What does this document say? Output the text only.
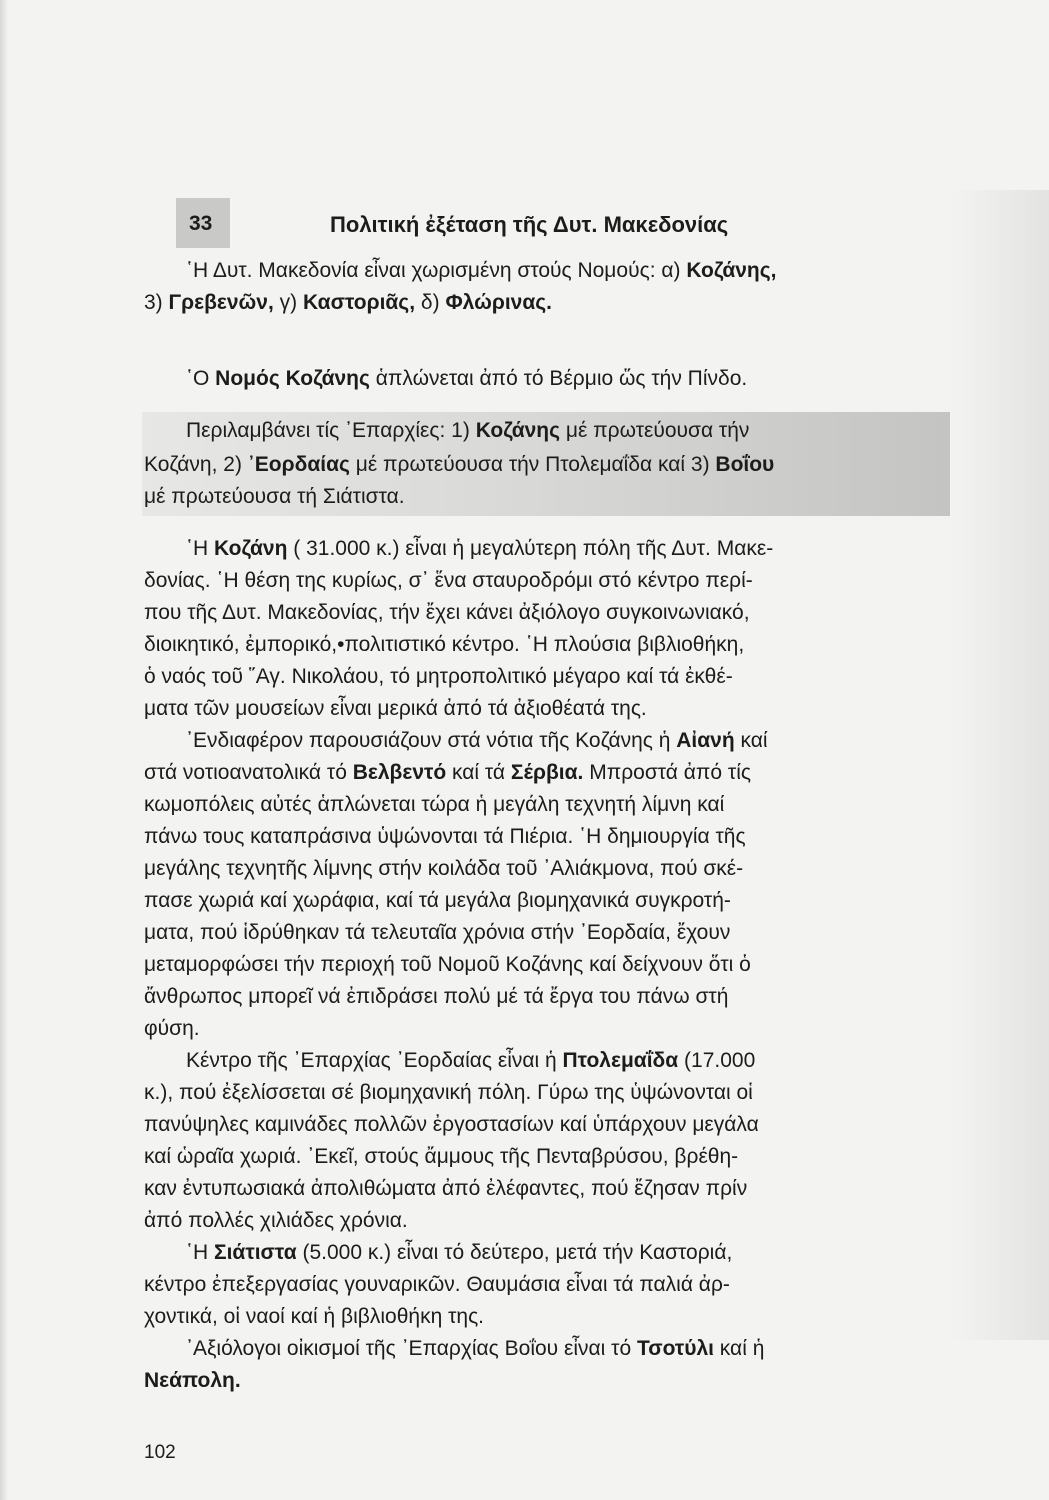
33	Πολιτική ἐξέταση τῆς Δυτ. Μακεδονίας
῾Η Δυτ. Μακεδονία εἶναι χωρισμένη στούς Νομούς: α) Κοζάνης,
3) Γρεβενῶν, γ) Καστοριᾶς, δ) Φλώρινας.
῾Ο Νομός Κοζάνης ἁπλώνεται ἀπό τό Βέρμιο ὥς τήν Πίνδο.
Περιλαμβάνει τίς ᾽Επαρχίες: 1) Κοζάνης μέ πρωτεύουσα τήν
Κοζάνη, 2) ᾽Εορδαίας μέ πρωτεύουσα τήν Πτολεμαΐδα καί 3) Βοΐου
μέ πρωτεύουσα τή Σιάτιστα.
῾Η Κοζάνη ( 31.000 κ.) εἶναι ἡ μεγαλύτερη πόλη τῆς Δυτ. Μακε-
δονίας. ῾Η θέση της κυρίως, σ᾽ ἕνα σταυροδρόμι στό κέντρο περί-
που τῆς Δυτ. Μακεδονίας, τήν ἔχει κάνει ἀξιόλογο συγκοινωνιακό,
διοικητικό, ἐμπορικό,•πολιτιστικό κέντρο. ῾Η πλούσια βιβλιοθήκη,
ὁ ναός τοῦ ῞Αγ. Νικολάου, τό μητροπολιτικό μέγαρο καί τά ἐκθέ-
ματα τῶν μουσείων εἶναι μερικά ἀπό τά ἀξιοθέατά της.
᾽Ενδιαφέρον παρουσιάζουν στά νότια τῆς Κοζάνης ἡ Αἰανή καί
στά νοτιοανατολικά τό Βελβεντό καί τά Σέρβια. Μπροστά ἀπό τίς
κωμοπόλεις αὐτές ἁπλώνεται τώρα ἡ μεγάλη τεχνητή λίμνη καί
πάνω τους καταπράσινα ὑψώνονται τά Πιέρια. ῾Η δημιουργία τῆς
μεγάλης τεχνητῆς λίμνης στήν κοιλάδα τοῦ ᾽Αλιάκμονα, πού σκέ-
πασε χωριά καί χωράφια, καί τά μεγάλα βιομηχανικά συγκροτή-
ματα, πού ἱδρύθηκαν τά τελευταῖα χρόνια στήν ᾽Εορδαία, ἔχουν
μεταμορφώσει τήν περιοχή τοῦ Νομοῦ Κοζάνης καί δείχνουν ὅτι ὁ
ἄνθρωπος μπορεῖ νά ἐπιδράσει πολύ μέ τά ἔργα του πάνω στή
φύση.
Κέντρο τῆς ᾽Επαρχίας ᾽Εορδαίας εἶναι ἡ Πτολεμαΐδα (17.000
κ.), πού ἐξελίσσεται σέ βιομηχανική πόλη. Γύρω της ὑψώνονται οἱ
πανύψηλες καμινάδες πολλῶν ἐργοστασίων καί ὑπάρχουν μεγάλα
καί ὡραῖα χωριά. ᾽Εκεῖ, στούς ἄμμους τῆς Πενταβρύσου, βρέθη-
καν ἐντυπωσιακά ἀπολιθώματα ἀπό ἐλέφαντες, πού ἔζησαν πρίν
ἀπό πολλές χιλιάδες χρόνια.
῾Η Σιάτιστα (5.000 κ.) εἶναι τό δεύτερο, μετά τήν Καστοριά,
κέντρο ἐπεξεργασίας γουναρικῶν. Θαυμάσια εἶναι τά παλιά ἀρ-
χοντικά, οἱ ναοί καί ἡ βιβλιοθήκη της.
᾽Αξιόλογοι οἰκισμοί τῆς ᾽Επαρχίας Βοΐου εἶναι τό Τσοτύλι καί ἡ
Νεάπολη.
102
